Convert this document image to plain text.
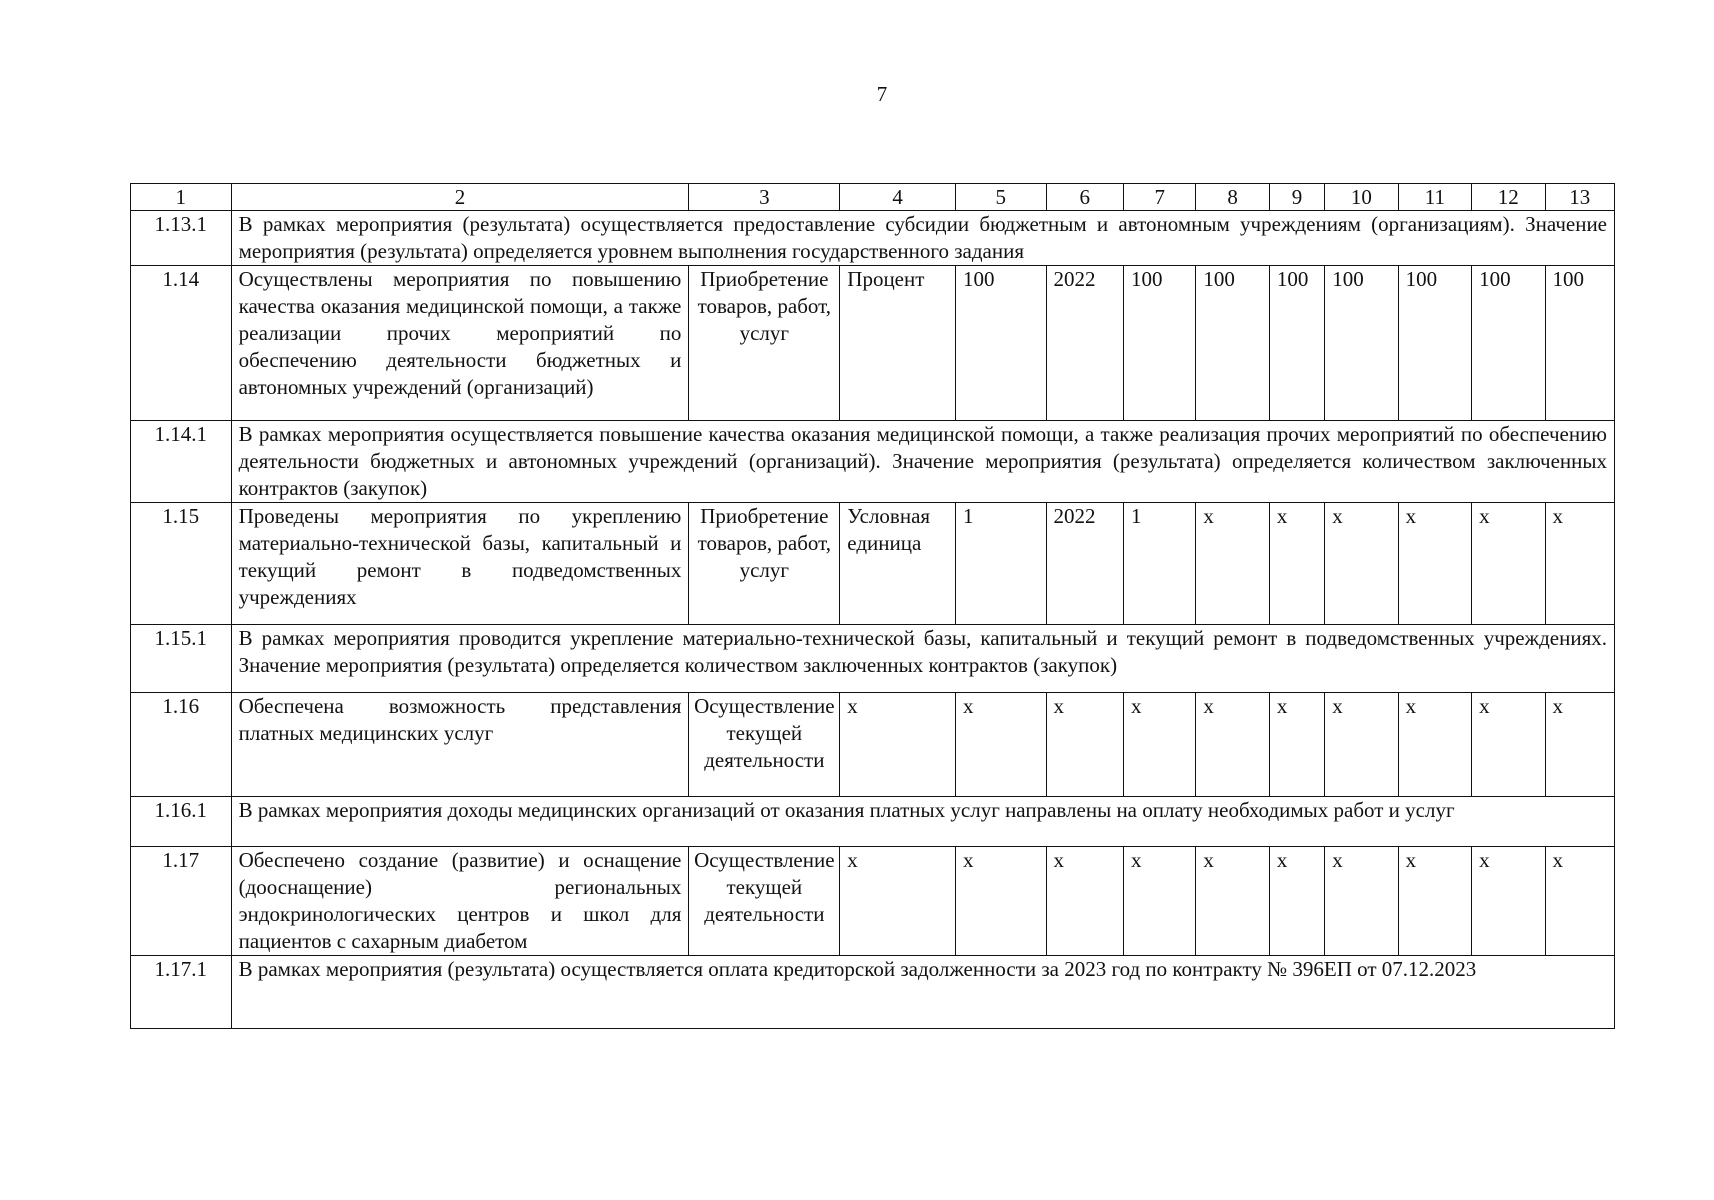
7
1	2	3	4	5	6	7	8	9	10	11	12	13
1.13.1	В рамках мероприятия (результата) осуществляется предоставление субсидии бюджетным и автономным учреждениям (организациям). Значение мероприятия (результата) определяется уровнем выполнения государственного задания											
1.14	Осуществлены мероприятия по повышению качества оказания медицинской помощи, а также реализации прочих мероприятий по обеспечению деятельности бюджетных и автономных учреждений (организаций)	Приобретение товаров, работ, услуг	Процент	100	2022	100	100	100	100	100	100	100
1.14.1	В рамках мероприятия осуществляется повышение качества оказания медицинской помощи, а также реализация прочих мероприятий по обеспечению деятельности бюджетных и автономных учреждений (организаций). Значение мероприятия (результата) определяется количеством заключенных контрактов (закупок)											
1.15	Проведены мероприятия по укреплению материально-технической базы, капитальный и текущий ремонт в подведомственных учреждениях	Приобретение товаров, работ, услуг	Условная единица	1	2022	1	x	x	x	x	x	x
1.15.1	В рамках мероприятия проводится укрепление материально-технической базы, капитальный и текущий ремонт в подведомственных учреждениях. Значение мероприятия (результата) определяется количеством заключенных контрактов (закупок)											
1.16	Обеспечена возможность представления платных медицинских услуг	Осуществление текущей деятельности	x	x	x	x	x	x	x	x	x	x
1.16.1	В рамках мероприятия доходы медицинских организаций от оказания платных услуг направлены на оплату необходимых работ и услуг											
1.17	Обеспечено создание (развитие) и оснащение (дооснащение) региональных эндокринологических центров и школ для пациентов с сахарным диабетом	Осуществление текущей деятельности	x	x	x	x	x	x	x	x	x	x
1.17.1	В рамках мероприятия (результата) осуществляется оплата кредиторской задолженности за 2023 год по контракту № 396ЕП от 07.12.2023											
